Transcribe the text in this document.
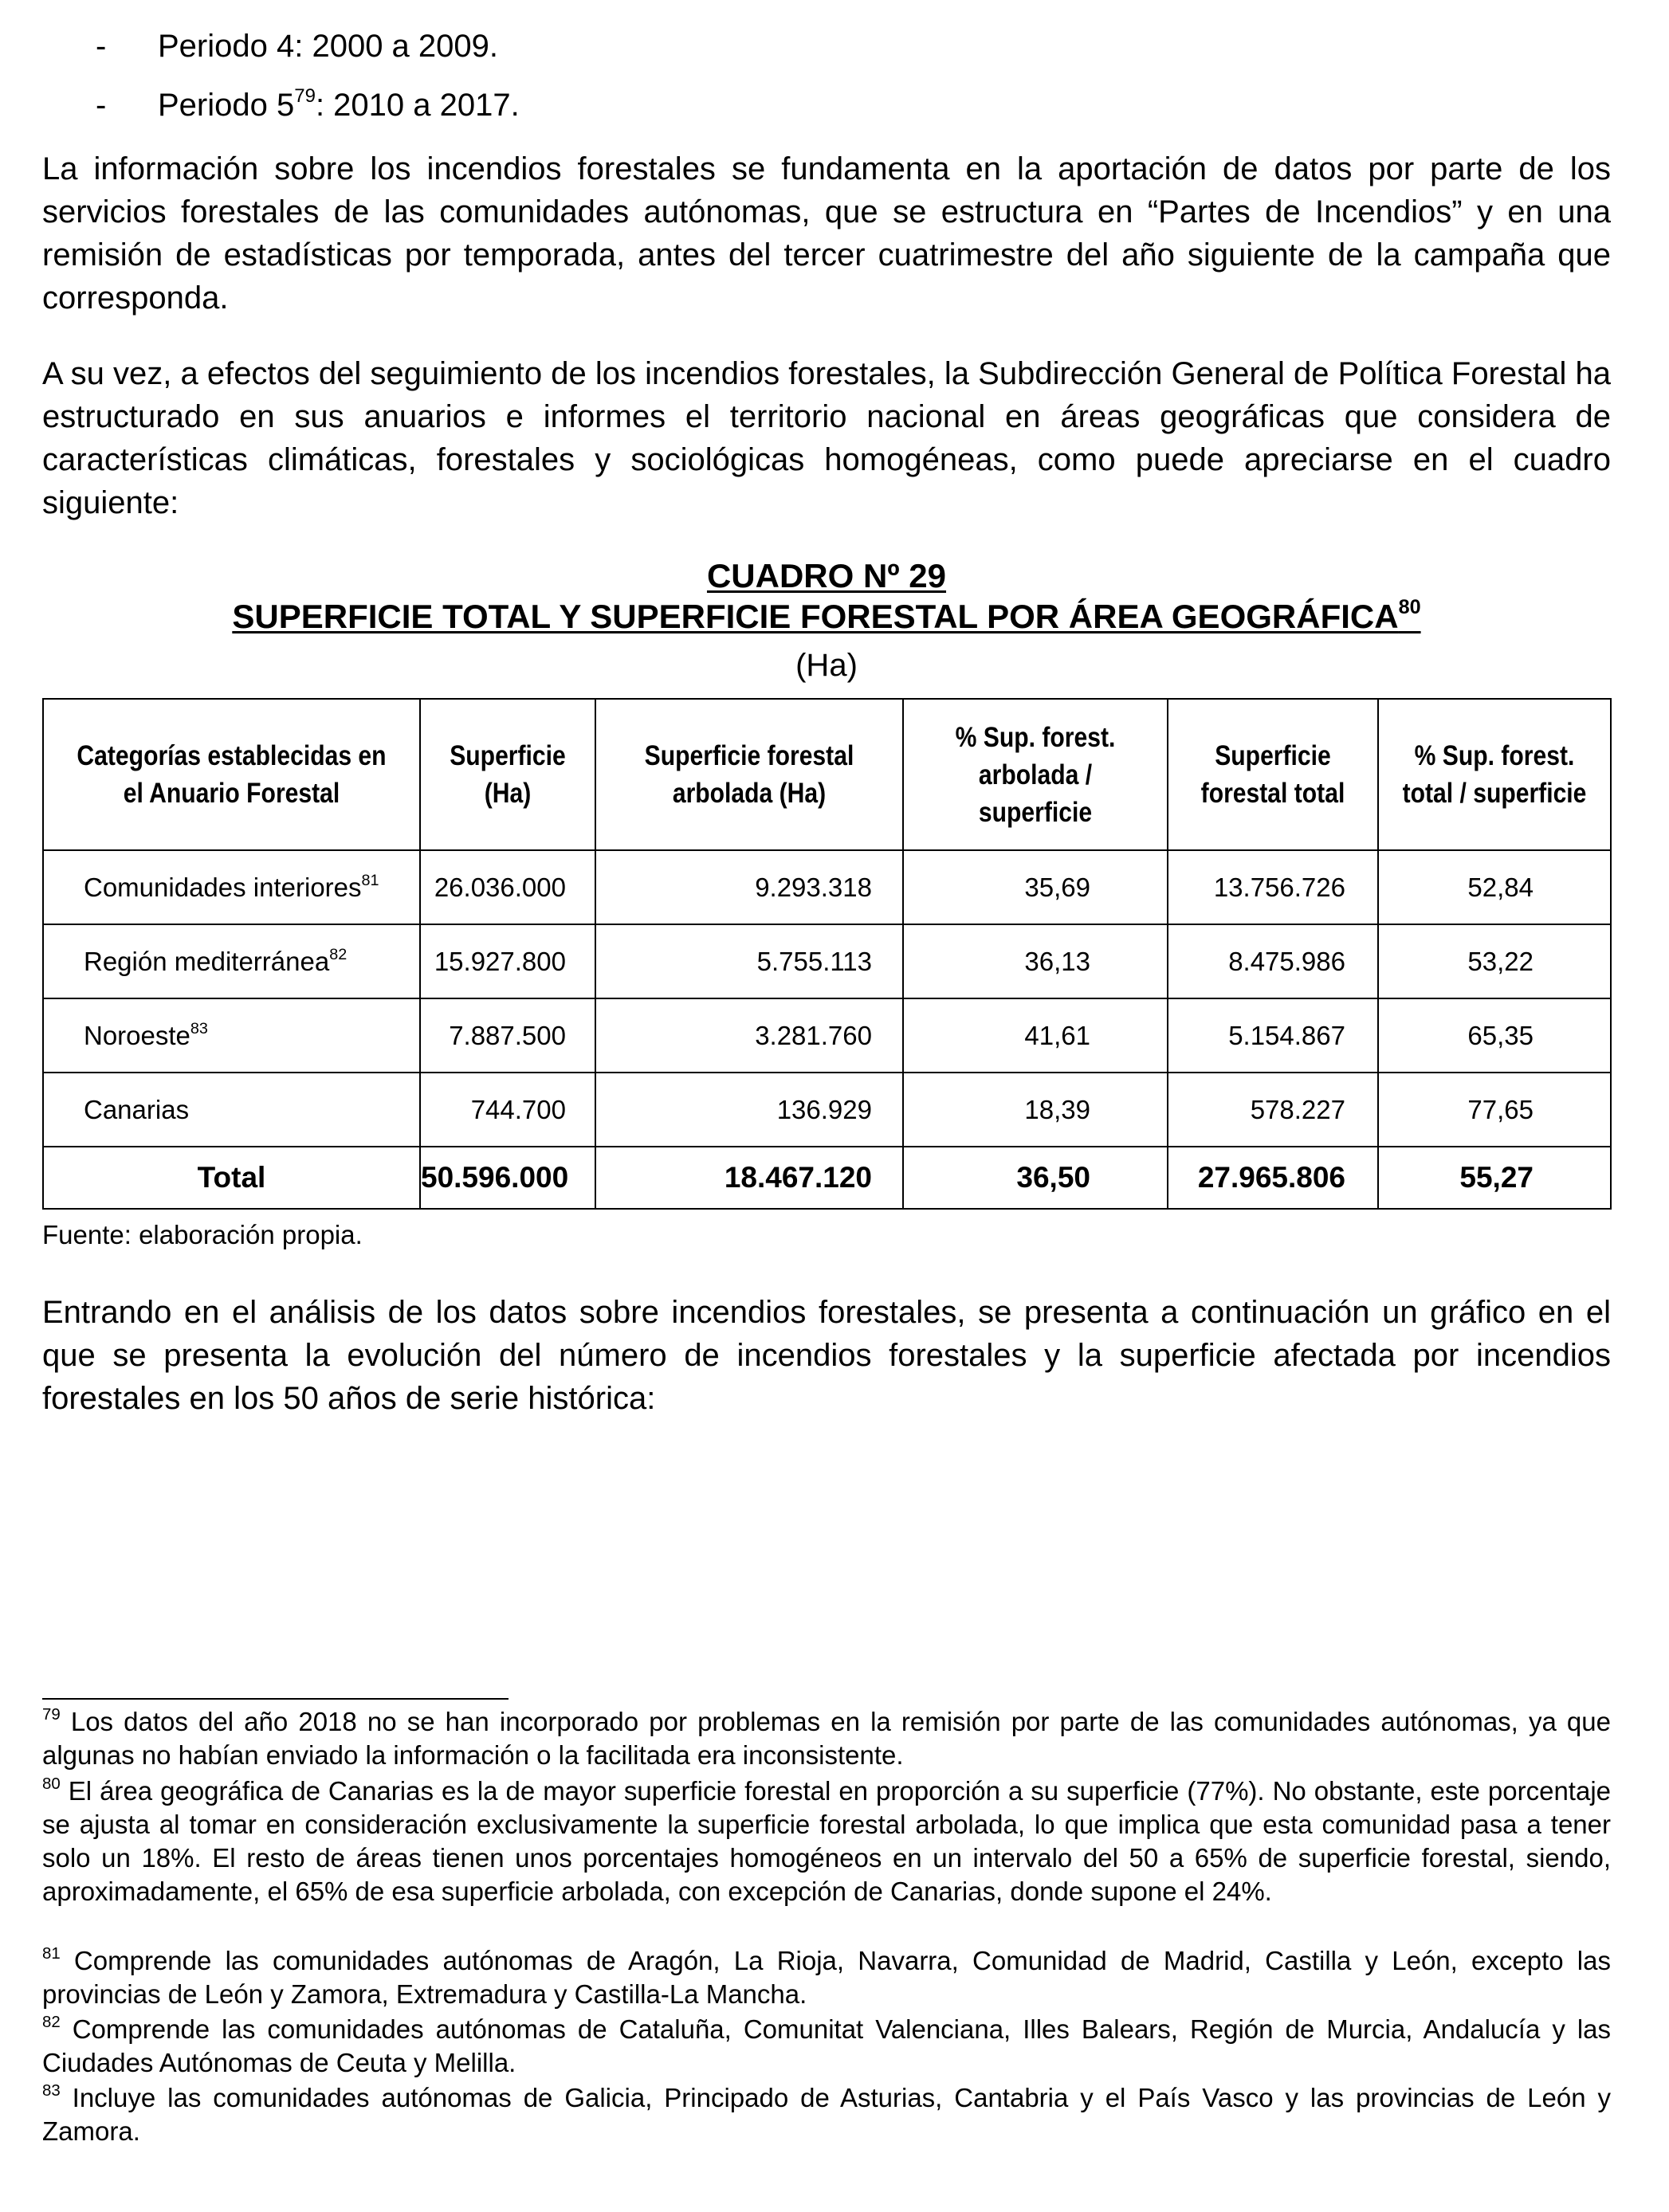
- Periodo 4: 2000 a 2009.
- Periodo $5^{79}$: 2010 a 2017.

La información sobre los incendios forestales se fundamenta en la aportación de datos por parte de los servicios forestales de las comunidades autónomas, que se estructura en “Partes de Incendios” y en una remisión de estadísticas por temporada, antes del tercer cuatrimestre del año siguiente de la campaña que corresponda.

A su vez, a efectos del seguimiento de los incendios forestales, la Subdirección General de Política Forestal ha estructurado en sus anuarios e informes el territorio nacional en áreas geográficas que considera de características climáticas, forestales y sociológicas homogéneas, como puede apreciarse en el cuadro siguiente:

CUADRO Nº 29
SUPERFICIE TOTAL Y SUPERFICIE FORESTAL POR ÁREA GEOGRÁFICA$^{80}$
(Ha)
Categorías establecidas en el Anuario Forestal	Superficie (Ha)	Superficie forestal arbolada (Ha)	% Sup. forest. arbolada / superficie	Superficie forestal total	% Sup. forest. total / superficie
Comunidades interiores$^{81}$	26.036.000	9.293.318	35,69	13.756.726	52,84
Región mediterránea$^{82}$	15.927.800	5.755.113	36,13	8.475.986	53,22
Noroeste$^{83}$	7.887.500	3.281.760	41,61	5.154.867	65,35
Canarias	744.700	136.929	18,39	578.227	77,65
Total	50.596.000	18.467.120	36,50	27.965.806	55,27
Fuente: elaboración propia.

Entrando en el análisis de los datos sobre incendios forestales, se presenta a continuación un gráfico en el que se presenta la evolución del número de incendios forestales y la superficie afectada por incendios forestales en los 50 años de serie histórica:

$^{79}$ Los datos del año 2018 no se han incorporado por problemas en la remisión por parte de las comunidades autónomas, ya que algunas no habían enviado la información o la facilitada era inconsistente.
$^{80}$ El área geográfica de Canarias es la de mayor superficie forestal en proporción a su superficie (77%). No obstante, este porcentaje se ajusta al tomar en consideración exclusivamente la superficie forestal arbolada, lo que implica que esta comunidad pasa a tener solo un 18%. El resto de áreas tienen unos porcentajes homogéneos en un intervalo del 50 a 65% de superficie forestal, siendo, aproximadamente, el 65% de esa superficie arbolada, con excepción de Canarias, donde supone el 24%.
$^{81}$ Comprende las comunidades autónomas de Aragón, La Rioja, Navarra, Comunidad de Madrid, Castilla y León, excepto las provincias de León y Zamora, Extremadura y Castilla-La Mancha.
$^{82}$ Comprende las comunidades autónomas de Cataluña, Comunitat Valenciana, Illes Balears, Región de Murcia, Andalucía y las Ciudades Autónomas de Ceuta y Melilla.
$^{83}$ Incluye las comunidades autónomas de Galicia, Principado de Asturias, Cantabria y el País Vasco y las provincias de León y Zamora.
